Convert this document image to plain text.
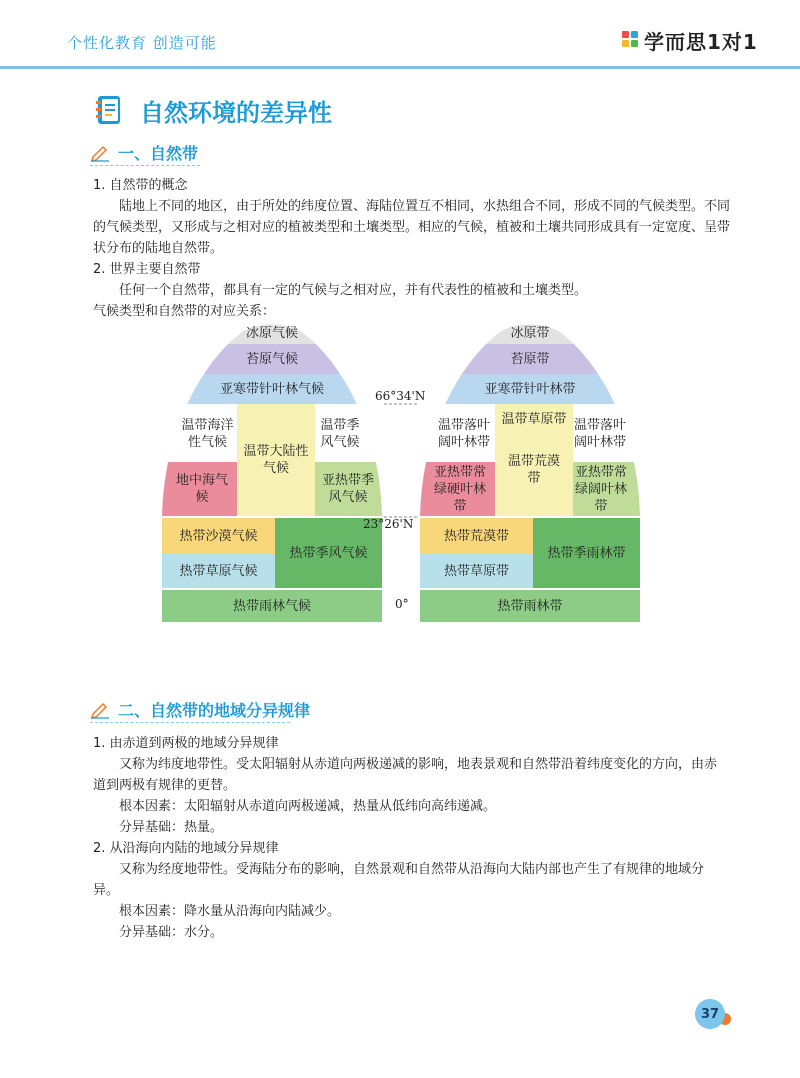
个性化教育 创造可能	学而思1对1
自然环境的差异性
一、自然带
1. 自然带的概念
陆地上不同的地区，由于所处的纬度位置、海陆位置互不相同，水热组合不同，形成不同的气候类型。不同的气候类型，又形成与之相对应的植被类型和土壤类型。相应的气候，植被和土壤共同形成具有一定宽度、呈带状分布的陆地自然带。
2. 世界主要自然带
任何一个自然带，都具有一定的气候与之相对应，并有代表性的植被和土壤类型。
气候类型和自然带的对应关系：
冰原气候
苔原气候
亚寒带针叶林气候
温带海洋性气候
温带大陆性气候
温带季风气候
地中海气候
亚热带季风气候
热带沙漠气候
热带草原气候
热带季风气候
热带雨林气候
66°34'N
23°26'N
0°
冰原带
苔原带
亚寒带针叶林带
温带落叶阔叶林带
温带草原带 温带落叶阔叶林带
温带荒漠带
亚热带常绿硬叶林带
亚热带常绿阔叶林带
热带荒漠带
热带草原带
热带季雨林带
热带雨林带
二、自然带的地域分异规律
1. 由赤道到两极的地域分异规律
又称为纬度地带性。受太阳辐射从赤道向两极递减的影响，地表景观和自然带沿着纬度变化的方向，由赤道到两极有规律的更替。
根本因素：太阳辐射从赤道向两极递减，热量从低纬向高纬递减。
分异基础：热量。
2. 从沿海向内陆的地域分异规律
又称为经度地带性。受海陆分布的影响，自然景观和自然带从沿海向大陆内部也产生了有规律的地域分异。
根本因素：降水量从沿海向内陆减少。
分异基础：水分。
37
